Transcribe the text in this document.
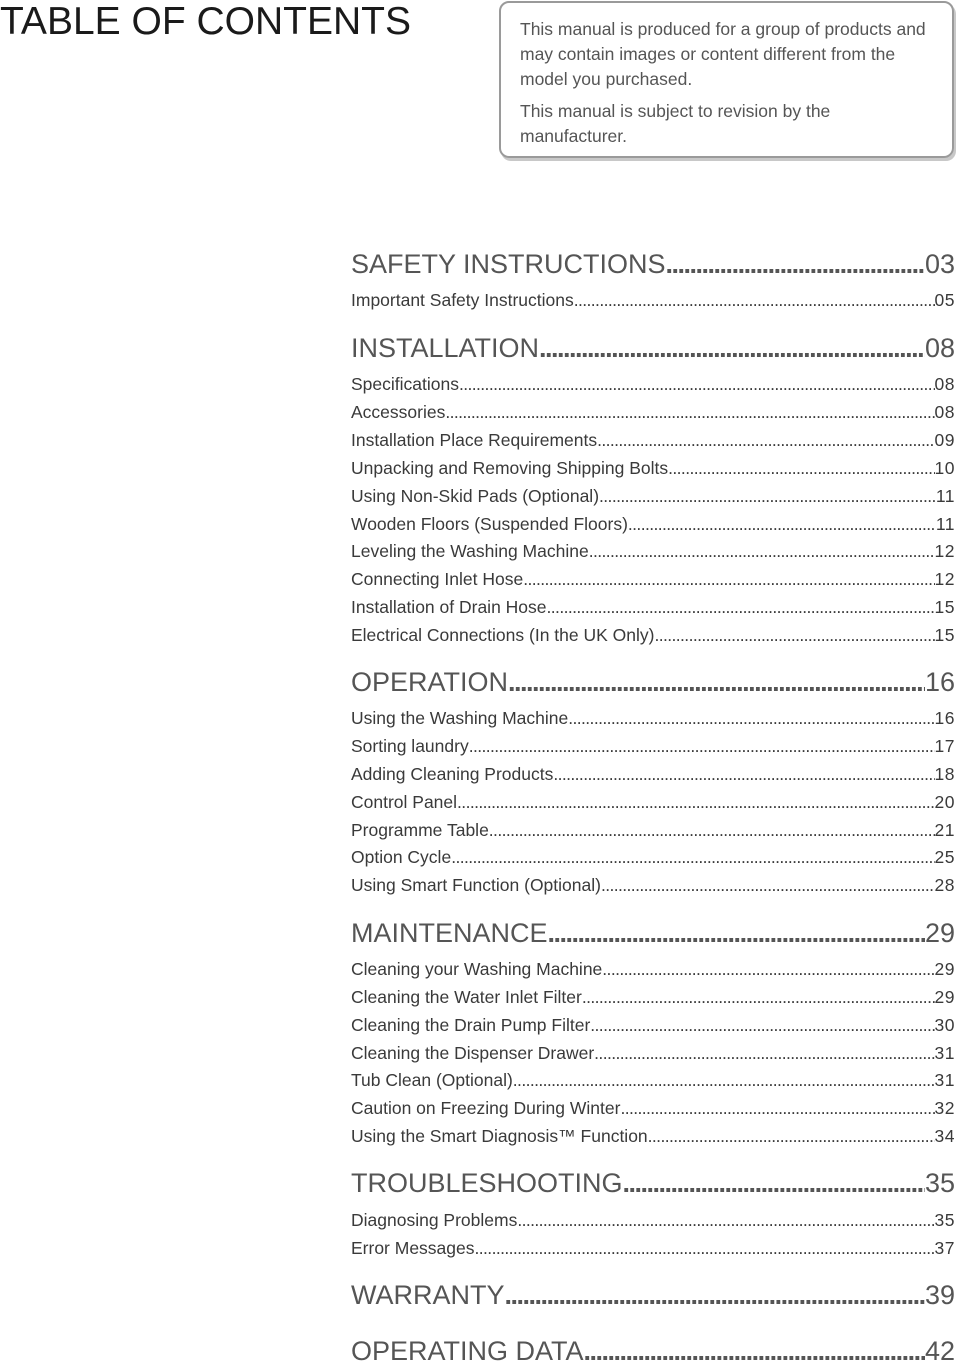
TABLE OF CONTENTS	This manual is produced for a group of products and may contain images or content different from the model you purchased.

This manual is subject to revision by the manufacturer.

SAFETY INSTRUCTIONS .....	03
Important Safety Instructions .....	05
INSTALLATION .....	08
Specifications .....	08
Accessories .....	08
Installation Place Requirements .....	09
Unpacking and Removing Shipping Bolts .....	10
Using Non-Skid Pads (Optional) .....	11
Wooden Floors (Suspended Floors) .....	11
Leveling the Washing Machine .....	12
Connecting Inlet Hose .....	12
Installation of Drain Hose .....	15
Electrical Connections (In the UK Only) .....	15
OPERATION .....	16
Using the Washing Machine .....	16
Sorting laundry .....	17
Adding Cleaning Products .....	18
Control Panel .....	20
Programme Table .....	21
Option Cycle .....	25
Using Smart Function (Optional) .....	28
MAINTENANCE .....	29
Cleaning your Washing Machine .....	29
Cleaning the Water Inlet Filter .....	29
Cleaning the Drain Pump Filter .....	30
Cleaning the Dispenser Drawer .....	31
Tub Clean (Optional) .....	31
Caution on Freezing During Winter .....	32
Using the Smart Diagnosis™ Function .....	34
TROUBLESHOOTING .....	35
Diagnosing Problems .....	35
Error Messages .....	37
WARRANTY .....	39
OPERATING DATA .....	42
